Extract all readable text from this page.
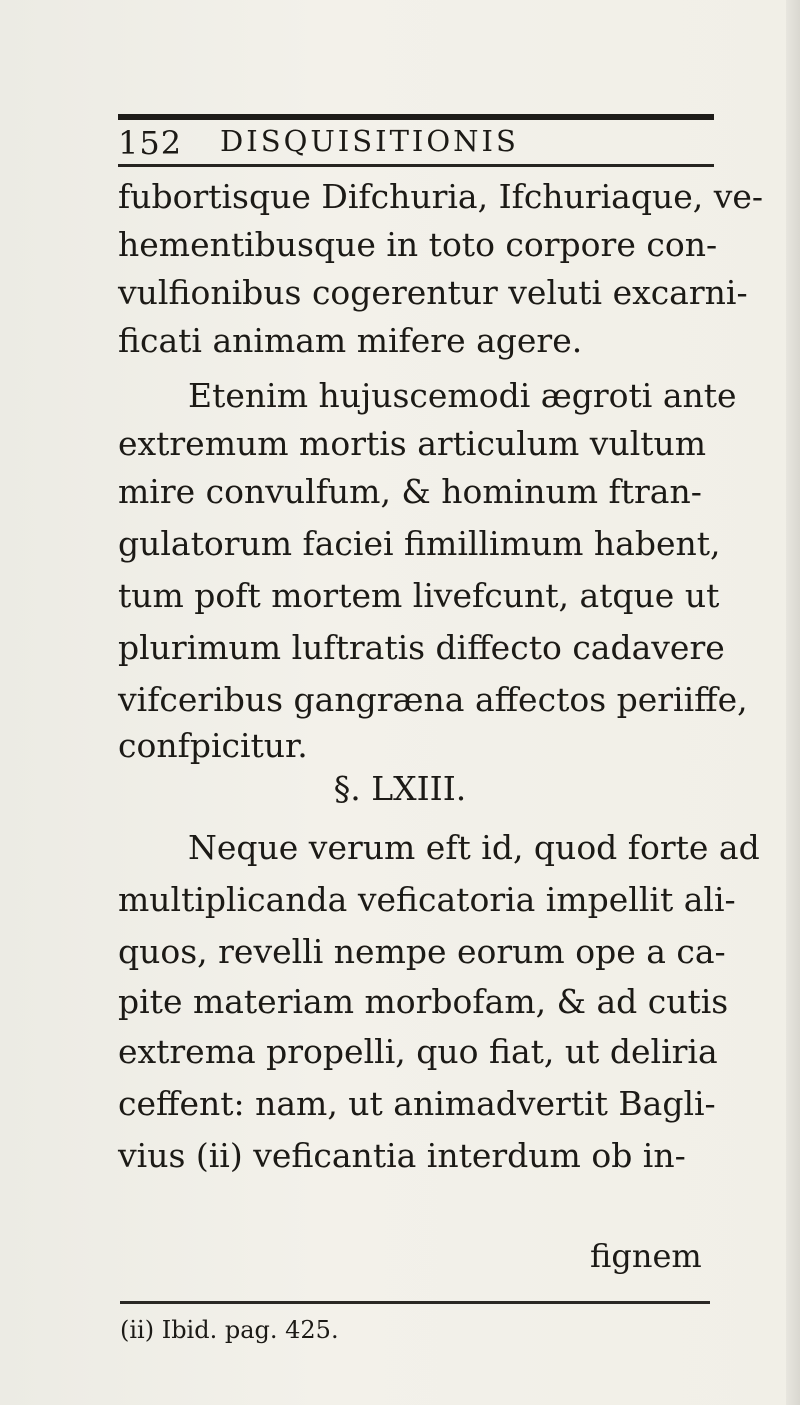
152 DISQUISITIONIS
fubortisque Difchuria, Ifchuriaque, ve-
hementibusque in toto corpore con-
vulfionibus cogerentur veluti excarni-
ficati animam mifere agere.
Etenim hujuscemodi ægroti ante
extremum mortis articulum vultum
mire convulfum, & hominum ftran-
gulatorum faciei fimillimum habent,
tum poft mortem livefcunt, atque ut
plurimum luftratis diffecto cadavere
vifceribus gangræna affectos periiffe,
confpicitur.
§. LXIII.
Neque verum eft id, quod forte ad
multiplicanda veficatoria impellit ali-
quos, revelli nempe eorum ope a ca-
pite materiam morbofam, & ad cutis
extrema propelli, quo fiat, ut deliria
ceffent: nam, ut animadvertit Bagli-
vius (ii) veficantia interdum ob in-
fignem
(ii) Ibid. pag. 425.
